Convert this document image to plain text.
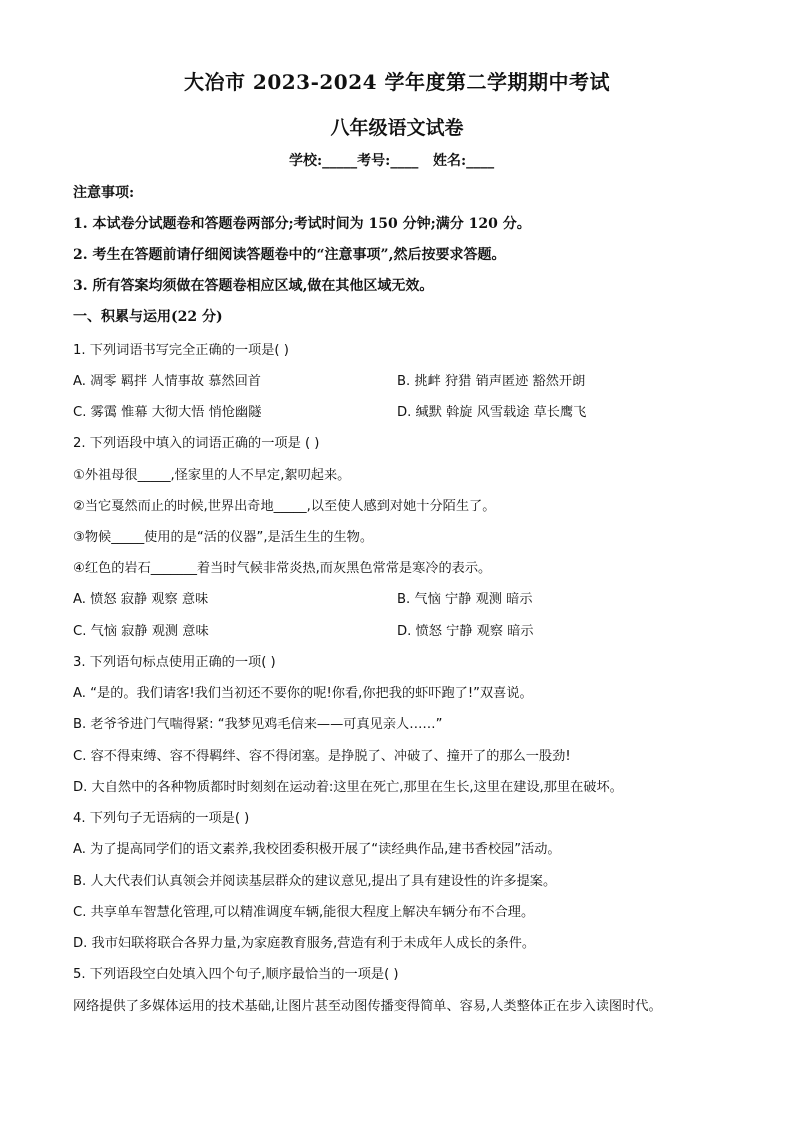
大冶市 2023-2024 学年度第二学期期中考试
八年级语文试卷
学校:_____考号:____   姓名:____
注意事项:
1. 本试卷分试题卷和答题卷两部分;考试时间为 150 分钟;满分 120 分。
2. 考生在答题前请仔细阅读答题卷中的“注意事项”,然后按要求答题。
3. 所有答案均须做在答题卷相应区域,做在其他区域无效。
一、积累与运用(22 分)
1. 下列词语书写完全正确的一项是( )
A. 凋零 羁拌 人情事故 慕然回首	B. 挑衅 狩猎 销声匿迹 豁然开朗
C. 雾霭 惟幕 大彻大悟 悄怆幽隧	D. 缄默 斡旋 风雪载途 草长鹰飞
2. 下列语段中填入的词语正确的一项是 ( )
①外祖母很_____,怪家里的人不早定,絮叨起来。
②当它戛然而止的时候,世界出奇地_____,以至使人感到对她十分陌生了。
③物候_____使用的是“活的仪器”,是活生生的生物。
④红色的岩石_______着当时气候非常炎热,而灰黑色常常是寒冷的表示。
A. 愤怒 寂静 观察 意味	B. 气恼 宁静 观测 暗示
C. 气恼 寂静 观测 意味	D. 愤怒 宁静 观察 暗示
3. 下列语句标点使用正确的一项( )
A. “是的。我们请客!我们当初还不要你的呢!你看,你把我的虾吓跑了!”双喜说。
B. 老爷爷进门气喘得紧: “我梦见鸡毛信来——可真见亲人……”
C. 容不得束缚、容不得羁绊、容不得闭塞。是挣脱了、冲破了、撞开了的那么一股劲!
D. 大自然中的各种物质都时时刻刻在运动着:这里在死亡,那里在生长,这里在建设,那里在破坏。
4. 下列句子无语病的一项是( )
A. 为了提高同学们的语文素养,我校团委积极开展了“读经典作品,建书香校园”活动。
B. 人大代表们认真领会并阅读基层群众的建议意见,提出了具有建设性的许多提案。
C. 共享单车智慧化管理,可以精准调度车辆,能很大程度上解决车辆分布不合理。
D. 我市妇联将联合各界力量,为家庭教育服务,营造有利于未成年人成长的条件。
5. 下列语段空白处填入四个句子,顺序最恰当的一项是( )
网络提供了多媒体运用的技术基础,让图片甚至动图传播变得简单、容易,人类整体正在步入读图时代。
